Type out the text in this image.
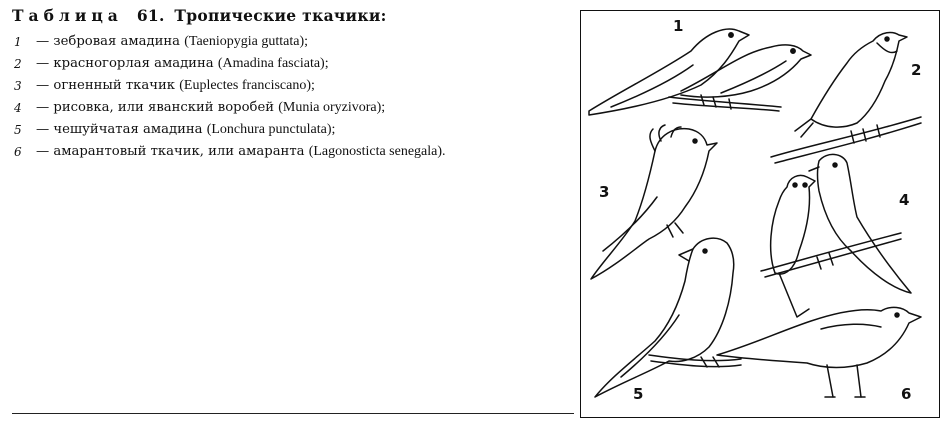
Таблица 61. Тропические ткачики:
1	— зебровая амадина (Taeniopygia guttata);
2	— красногорлая амадина (Amadina fasciata);
3	— огненный ткачик (Euplectes franciscano);
4	— рисовка, или яванский воробей (Munia oryzivora);
5	— чешуйчатая амадина (Lonchura punctulata);
6	— амарантовый ткачик, или амаранта (Lagonosticta senegala).
1
2
3	4
5	6
